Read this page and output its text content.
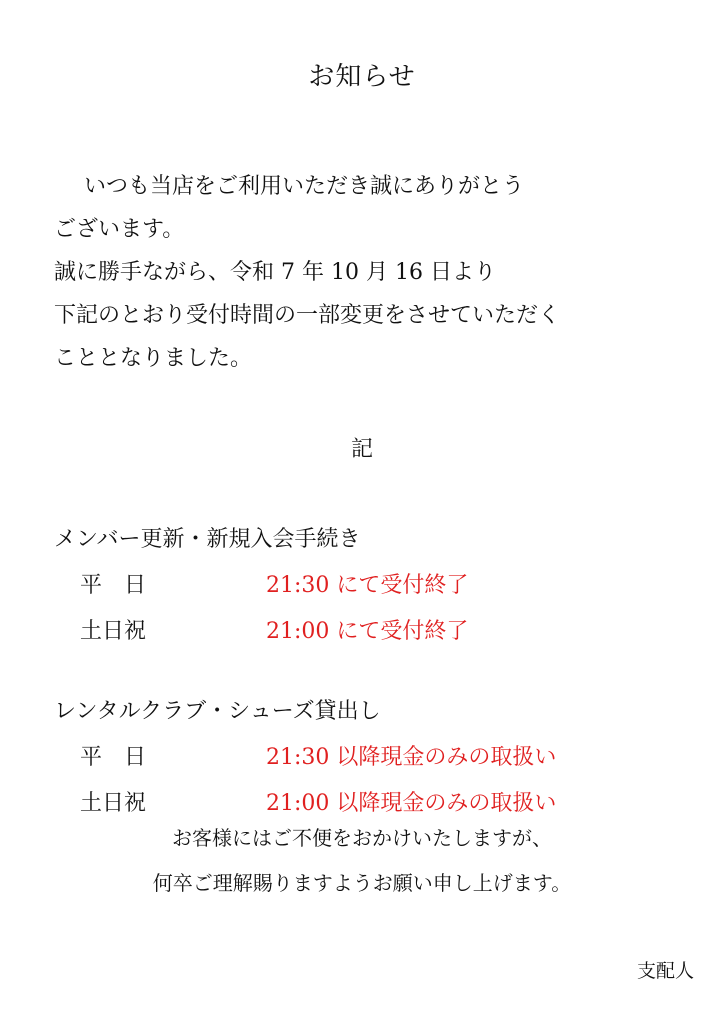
お知らせ
いつも当店をご利用いただき誠にありがとう
ございます。
誠に勝手ながら、令和 7 年 10 月 16 日より
下記のとおり受付時間の一部変更をさせていただく
こととなりました。
記
メンバー更新・新規入会手続き
平　日	21:30 にて受付終了
土日祝	21:00 にて受付終了
レンタルクラブ・シューズ貸出し
平　日	21:30 以降現金のみの取扱い
土日祝	21:00 以降現金のみの取扱い
お客様にはご不便をおかけいたしますが、
何卒ご理解賜りますようお願い申し上げます。
支配人
